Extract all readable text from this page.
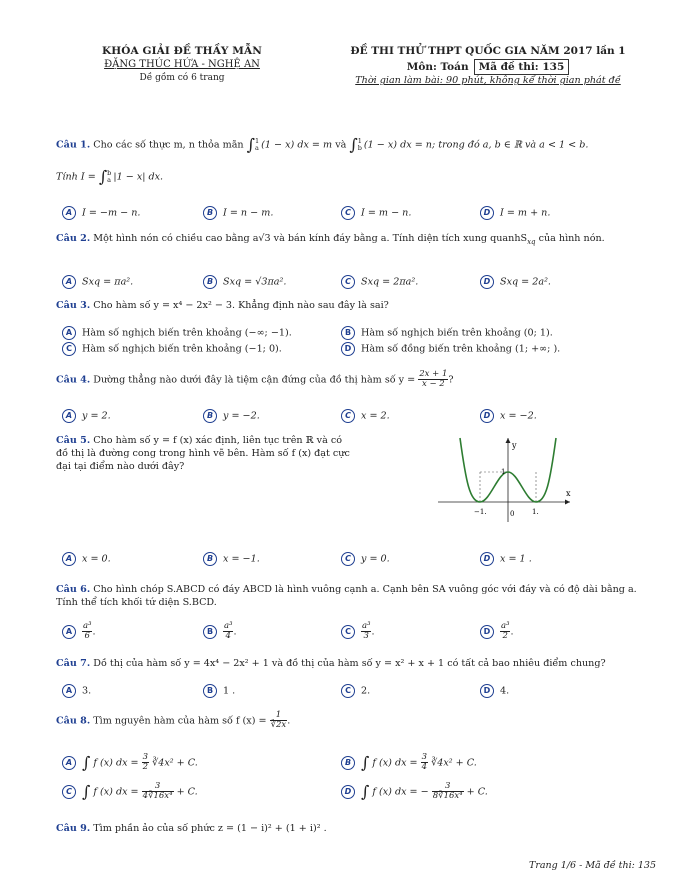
KHÓA GIẢI ĐỀ THẦY MẪN
ĐẶNG THÚC HỨA - NGHỆ AN
Dề gồm có 6 trang
ĐỀ THI THỬ THPT QUỐC GIA NĂM 2017 lần 1
Môn: Toán Mã đề thi: 135
Thời gian làm bài: 90 phút, không kể thời gian phát đề
Câu 1. Cho các số thực m, n thỏa mãn ∫ 1
a (1 − x) dx = m và ∫ 1
b (1 − x) dx = n; trong đó a, b ∈ ℝ và a < 1 < b.
Tính I = ∫ b
a |1 − x| dx.
A I = −m − n.	B I = n − m.	C I = m − n.	D I = m + n.
Câu 2. Một hình nón có chiều cao bằng a√3 và bán kính đáy bằng a. Tính diện tích xung quanhS$_{xq}$ của hình nón.
A Sxq = πa².	B Sxq = √3πa².	C Sxq = 2πa².	D Sxq = 2a².
Câu 3. Cho hàm số y = x⁴ − 2x² − 3. Khẳng định nào sau đây là sai?
A Hàm số nghịch biến trên khoảng (−∞; −1).	B Hàm số nghịch biến trên khoảng (0; 1).
C Hàm số nghịch biến trên khoảng (−1; 0).	D Hàm số đồng biến trên khoảng (1; +∞; ).
Câu 4. Dường thẳng nào dưới đây là tiệm cận đứng của đồ thị hàm số $y = \frac{2x + 1}{x - 2}$ ?
A y = 2.	B y = −2.	C x = 2.	D x = −2.
Câu 5. Cho hàm số y = f (x) xác định, liên tục trên ℝ và có đồ thị là đường cong trong hình vẽ bên. Hàm số f (x) đạt cực đại tại điểm nào dưới đây?
y
x
1
−1.	0	1.
A x = 0.	B x = −1.	C y = 0.	D x = 1 .
Câu 6. Cho hình chóp S.ABCD có đáy ABCD là hình vuông cạnh a. Cạnh bên SA vuông góc với đáy và có độ dài bằng a. Tính thể tích khối tứ diện S.BCD.
A $\frac{\text{a³}}{6}$ .	B $\frac{\text{a³}}{4}$ .	C $\frac{\text{a³}}{3}$ .	D $\frac{\text{a³}}{2}$ .
Câu 7. Dồ thị của hàm số y = 4x⁴ − 2x² + 1 và đồ thị của hàm số y = x² + x + 1 có tất cả bao nhiêu điểm chung?
A 3.	B 1 .	C 2.	D 4.
Câu 8. Tìm nguyên hàm của hàm số f $(x) = \frac{1}{∛2x}$ .
A ∫ f (x) dx = $\frac{3}{2}$ ∛4x² + C.	B ∫ f (x) dx = $\frac{3}{4}$ ∛4x² + C.
C ∫ f (x) dx = $\frac{3}{\text{4∛16x⁴}} + C$.	D ∫ f (x) dx = − $\frac{3}{\text{8∛16x⁴}} + C$.
Câu 9. Tìm phần ảo của số phức z = (1 − i)² + (1 + i)² .
Trang 1/6 - Mã đề thi: 135
